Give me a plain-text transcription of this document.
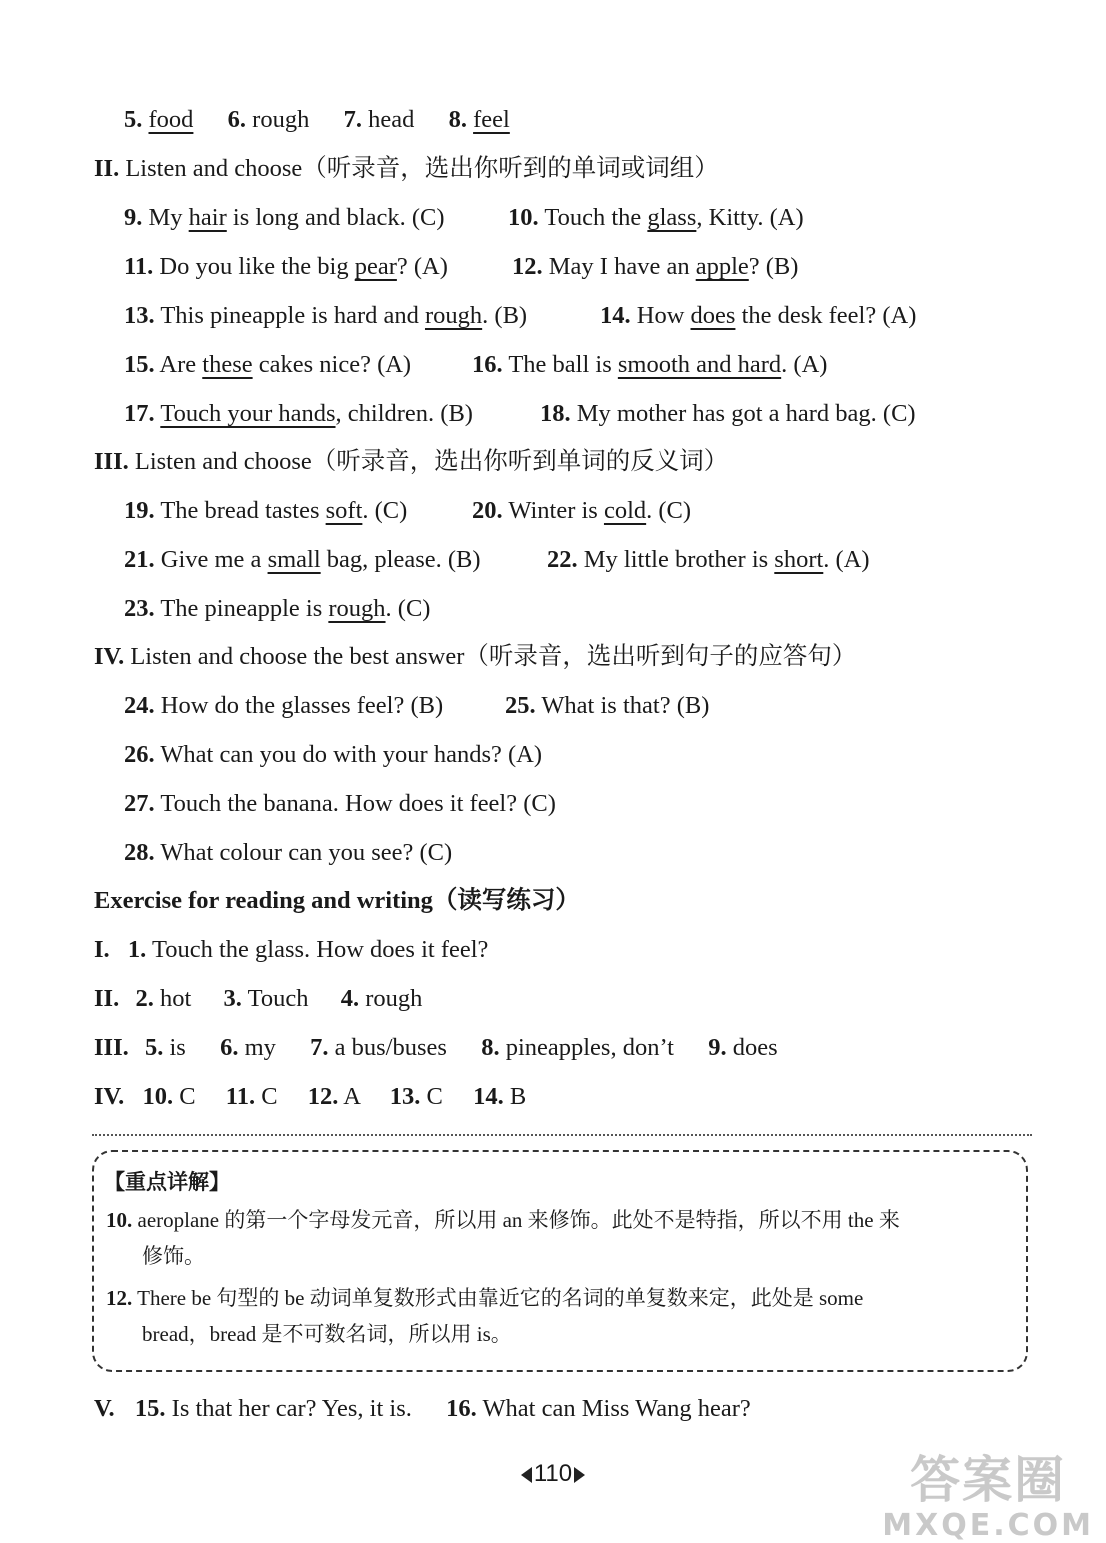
5. food 6. rough 7. head 8. feel
II. Listen and choose（听录音，选出你听到的单词或词组）
9. My hair is long and black. (C)	10. Touch the glass, Kitty. (A)
11. Do you like the big pear? (A)	12. May I have an apple? (B)
13. This pineapple is hard and rough. (B)	14. How does the desk feel? (A)
15. Are these cakes nice? (A) 16. The ball is smooth and hard. (A)
17. Touch your hands, children. (B)	18. My mother has got a hard bag. (C)
III. Listen and choose（听录音，选出你听到单词的反义词）
19. The bread tastes soft. (C)	20. Winter is cold. (C)
21. Give me a small bag, please. (B)	22. My little brother is short. (A)
23. The pineapple is rough. (C)
IV. Listen and choose the best answer（听录音，选出听到句子的应答句）
24. How do the glasses feel? (B)	25. What is that? (B)
26. What can you do with your hands? (A)
27. Touch the banana. How does it feel? (C)
28. What colour can you see? (C)
Exercise for reading and writing（读写练习）
I. 1. Touch the glass. How does it feel?
II. 2. hot 3. Touch 4. rough
III. 5. is 6. my 7. a bus/buses 8. pineapples, don’t 9. does
IV. 10. C 11. C 12. A 13. C 14. B
【重点详解】
10. aeroplane 的第一个字母发元音，所以用 an 来修饰。此处不是特指，所以不用 the 来
修饰。
12. There be 句型的 be 动词单复数形式由靠近它的名词的单复数来定，此处是 some
bread，bread 是不可数名词，所以用 is。
V. 15. Is that her car? Yes, it is. 16. What can Miss Wang hear?
110	答案圈
MXQE.COM
